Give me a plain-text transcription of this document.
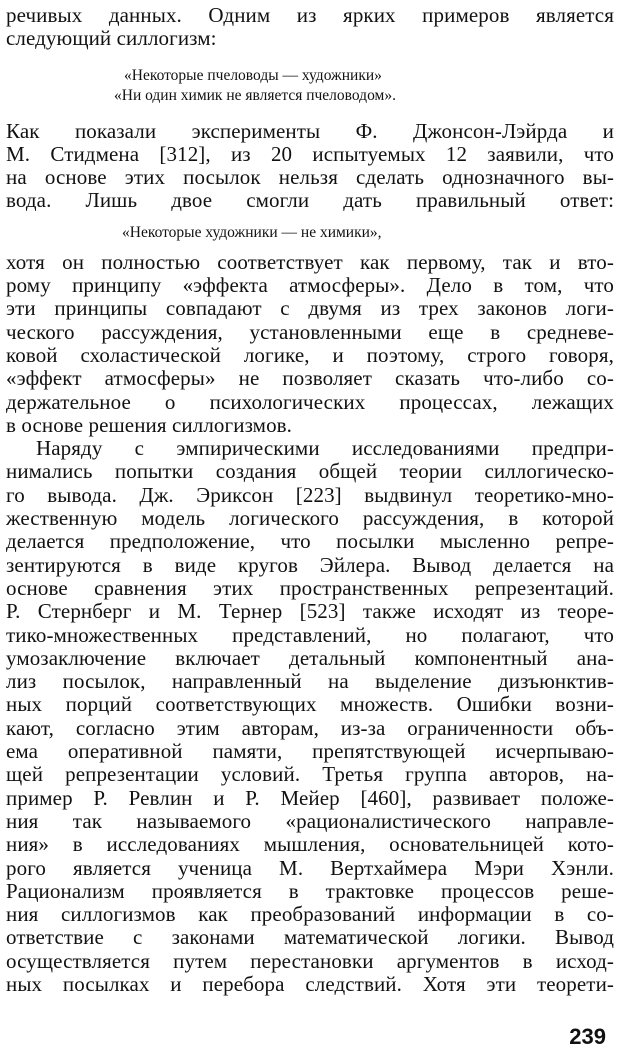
речивых данных. Одним из ярких примеров является
следующий силлогизм:
«Некоторые пчеловоды — художники»
«Ни один химик не является пчеловодом».
Как показали эксперименты Ф. Джонсон-Лэйрда и
М. Стидмена [312], из 20 испытуемых 12 заявили, что
на основе этих посылок нельзя сделать однозначного вы-
вода. Лишь двое смогли дать правильный ответ:
«Некоторые художники — не химики»,
хотя он полностью соответствует как первому, так и вто-
рому принципу «эффекта атмосферы». Дело в том, что
эти принципы совпадают с двумя из трех законов логи-
ческого рассуждения, установленными еще в средневе-
ковой схоластической логике, и поэтому, строго говоря,
«эффект атмосферы» не позволяет сказать что-либо со-
держательное о психологических процессах, лежащих
в основе решения силлогизмов.
Наряду с эмпирическими исследованиями предпри-
нимались попытки создания общей теории силлогическо-
го вывода. Дж. Эриксон [223] выдвинул теоретико-мно-
жественную модель логического рассуждения, в которой
делается предположение, что посылки мысленно репре-
зентируются в виде кругов Эйлера. Вывод делается на
основе сравнения этих пространственных репрезентаций.
Р. Стернберг и М. Тернер [523] также исходят из теоре-
тико-множественных представлений, но полагают, что
умозаключение включает детальный компонентный ана-
лиз посылок, направленный на выделение дизъюнктив-
ных порций соответствующих множеств. Ошибки возни-
кают, согласно этим авторам, из-за ограниченности объ-
ема оперативной памяти, препятствующей исчерпываю-
щей репрезентации условий. Третья группа авторов, на-
пример Р. Ревлин и Р. Мейер [460], развивает положе-
ния так называемого «рационалистического направле-
ния» в исследованиях мышления, основательницей кото-
рого является ученица М. Вертхаймера Мэри Хэнли.
Рационализм проявляется в трактовке процессов реше-
ния силлогизмов как преобразований информации в со-
ответствие с законами математической логики. Вывод
осуществляется путем перестановки аргументов в исход-
ных посылках и перебора следствий. Хотя эти теорети-
239
